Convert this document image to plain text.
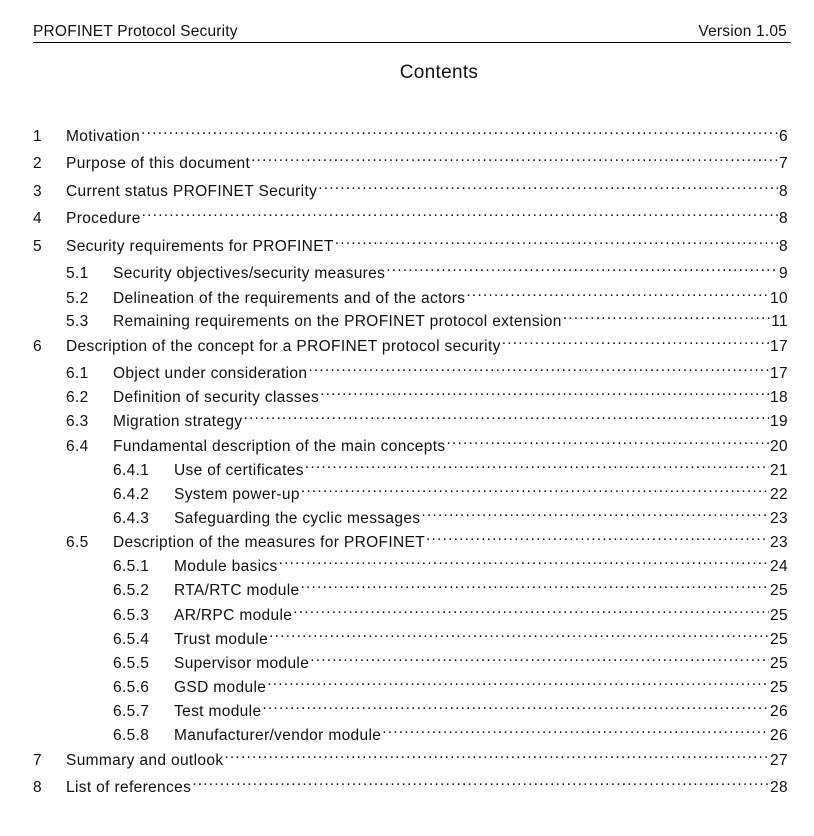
PROFINET Protocol Security	Version 1.05
Contents
1	Motivation .....	6
2	Purpose of this document .....	7
3	Current status PROFINET Security .....	8
4	Procedure .....	8
5	Security requirements for PROFINET .....	8
5.1	Security objectives/security measures .....	9
5.2	Delineation of the requirements and of the actors .....	10
5.3	Remaining requirements on the PROFINET protocol extension .....	11
6	Description of the concept for a PROFINET protocol security .....	17
6.1	Object under consideration .....	17
6.2	Definition of security classes .....	18
6.3	Migration strategy .....	19
6.4	Fundamental description of the main concepts .....	20
6.4.1	Use of certificates .....	21
6.4.2	System power-up .....	22
6.4.3	Safeguarding the cyclic messages .....	23
6.5	Description of the measures for PROFINET .....	23
6.5.1	Module basics .....	24
6.5.2	RTA/RTC module .....	25
6.5.3	AR/RPC module .....	25
6.5.4	Trust module .....	25
6.5.5	Supervisor module .....	25
6.5.6	GSD module .....	25
6.5.7	Test module .....	26
6.5.8	Manufacturer/vendor module .....	26
7	Summary and outlook .....	27
8	List of references .....	28
